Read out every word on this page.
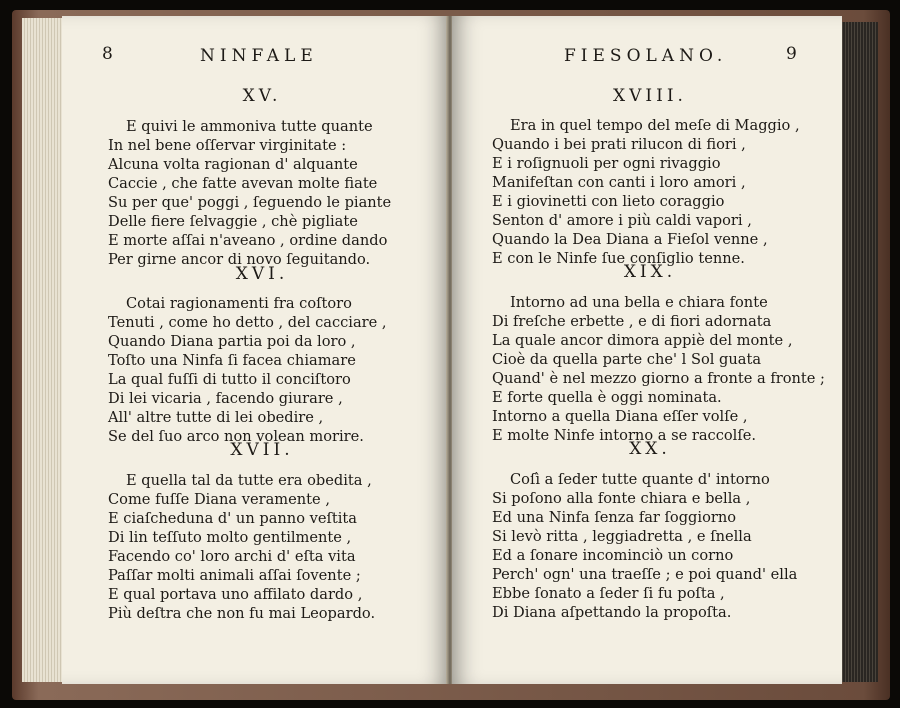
8	NINFALE
XV.
E quivi le ammoniva tutte quante
In nel bene oſſervar virginitate :
Alcuna volta ragionan d' alquante
Caccie , che fatte avevan molte fiate
Su per que' poggi , ſeguendo le piante
Delle fiere ſelvaggie , chè pigliate
E morte aſſai n'aveano , ordine dando
Per girne ancor di novo ſeguitando.
XVI.
Cotai ragionamenti fra coſtoro
Tenuti , come ho detto , del cacciare ,
Quando Diana partia poi da loro ,
Toſto una Ninfa ſi facea chiamare
La qual fuſſi di tutto il conciſtoro
Di lei vicaria , facendo giurare ,
All' altre tutte di lei obedire ,
Se del ſuo arco non volean morire.
XVII.
E quella tal da tutte era obedita ,
Come fuſſe Diana veramente ,
E ciaſcheduna d' un panno veſtita
Di lin teſſuto molto gentilmente ,
Facendo co' loro archi d' eſta vita
Paſſar molti animali aſſai ſovente ;
E qual portava uno affilato dardo ,
Più deſtra che non fu mai Leopardo.
FIESOLANO.	9
XVIII.
Era in quel tempo del meſe di Maggio ,
Quando i bei prati rilucon di fiori ,
E i roſignuoli per ogni rivaggio
Manifeſtan con canti i loro amori ,
E i giovinetti con lieto coraggio
Senton d' amore i più caldi vapori ,
Quando la Dea Diana a Fieſol venne ,
E con le Ninfe ſue conſiglio tenne.
XIX.
Intorno ad una bella e chiara fonte
Di freſche erbette , e di fiori adornata
La quale ancor dimora appiè del monte ,
Cioè da quella parte che' l Sol guata
Quand' è nel mezzo giorno a fronte a fronte ;
E forte quella è oggi nominata.
Intorno a quella Diana eſſer volſe ,
E molte Ninfe intorno a se raccolſe.
XX.
Coſì a ſeder tutte quante d' intorno
Si poſono alla fonte chiara e bella ,
Ed una Ninfa ſenza far ſoggiorno
Si levò ritta , leggiadretta , e ſnella
Ed a ſonare incominciò un corno
Perch' ogn' una traeſſe ; e poi quand' ella
Ebbe ſonato a ſeder ſi fu poſta ,
Di Diana aſpettando la propoſta.
